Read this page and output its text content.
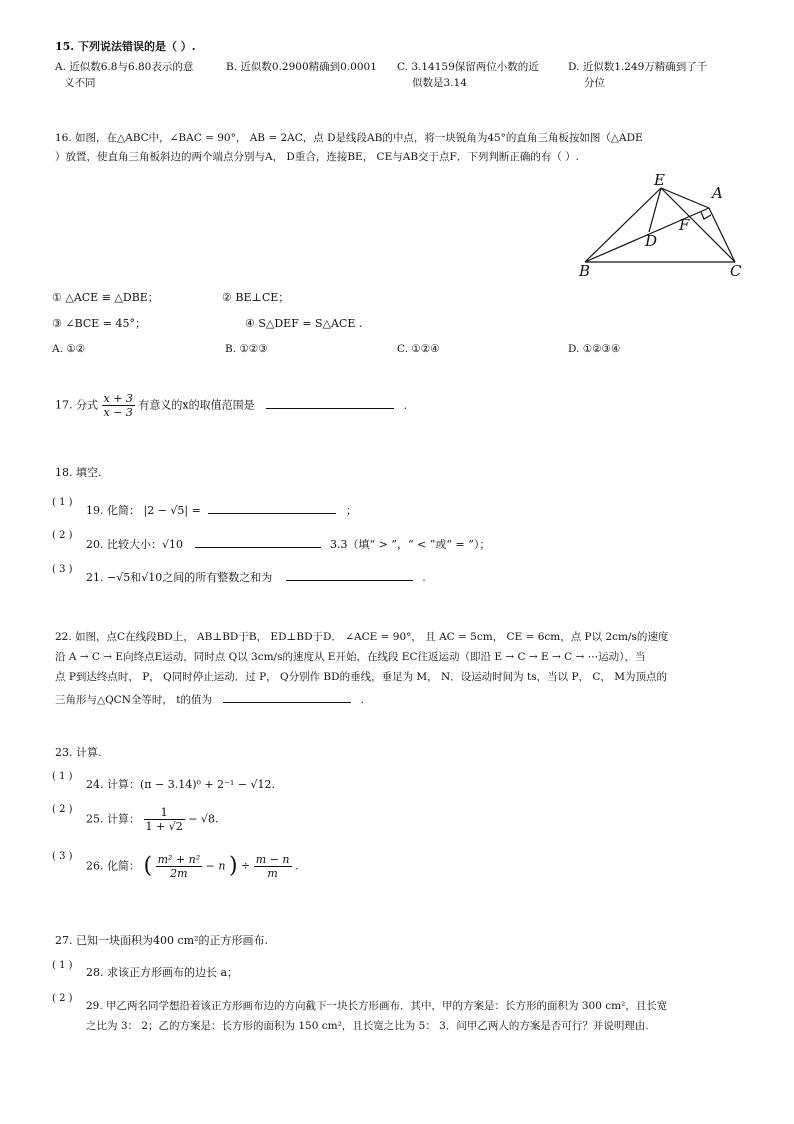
15. 下列说法错误的是（ ）.
A. 近似数6.8与6.80表示的意
义不同
B. 近似数0.2900精确到0.0001 C. 3.14159保留两位小数的近
似数是3.14
D. 近似数1.249万精确到了千
分位
16. 如图，在△ABC中，∠BAC = 90°， AB = 2AC，点 D是线段AB的中点，将一块锐角为45°的直角三角板按如图（△ADE
）放置，使直角三角板斜边的两个端点分别与A， D重合，连接BE， CE与AB交于点F．下列判断正确的有（ ）.
E
A
F
D
B	C
① △ACE ≌ △DBE；	② BE⊥CE；
③ ∠BCE = 45°；	④ S△DEF = S△ACE .
A. ①②	B. ①②③	C. ①②④	D. ①②③④
17. 分式 $\frac{x + 3}{x - 3}$ 有意义的x的取值范围是	.
18. 填空.
( 1 )
19. 化简： |2 − √5| =	；
( 2 )
20. 比较大小：√10	3.3（填“ > ”，“ < ”或“ = ”）；
( 3 )
21. −√5和√10之间的所有整数之和为	.
22. 如图，点C在线段BD上， AB⊥BD于B， ED⊥BD于D． ∠ACE = 90°， 且 AC = 5cm， CE = 6cm，点 P以 2cm/s的速度
沿 A → C → E向终点E运动，同时点 Q以 3cm/s的速度从 E开始，在线段 EC往返运动（即沿 E → C → E → C → ⋯运动），当
点 P到达终点时， P， Q同时停止运动．过 P， Q分别作 BD的垂线，垂足为 M， N．设运动时间为 ts，当以 P， C， M为顶点的
三角形与△QCN全等时， t的值为	.
23. 计算.
( 1 )
24. 计算：(π − 3.14)⁰ + 2⁻¹ − √12.
( 2 )
25. 计算： $\frac{1}{1 + √2} - √8$.
( 3 )
26. 化简： ( $\frac{\text{m² + n²}}{2m} - n$ ) ÷ $\frac{m - n}{m}$ .
27. 已知一块面积为400 cm²的正方形画布.
( 1 )
28. 求该正方形画布的边长 a；
( 2 )
29. 甲乙两名同学想沿着该正方形画布边的方向截下一块长方形画布．其中，甲的方案是：长方形的面积为 300 cm²，且长宽
之比为 3： 2；乙的方案是：长方形的面积为 150 cm²，且长宽之比为 5： 3．问甲乙两人的方案是否可行？并说明理由.
